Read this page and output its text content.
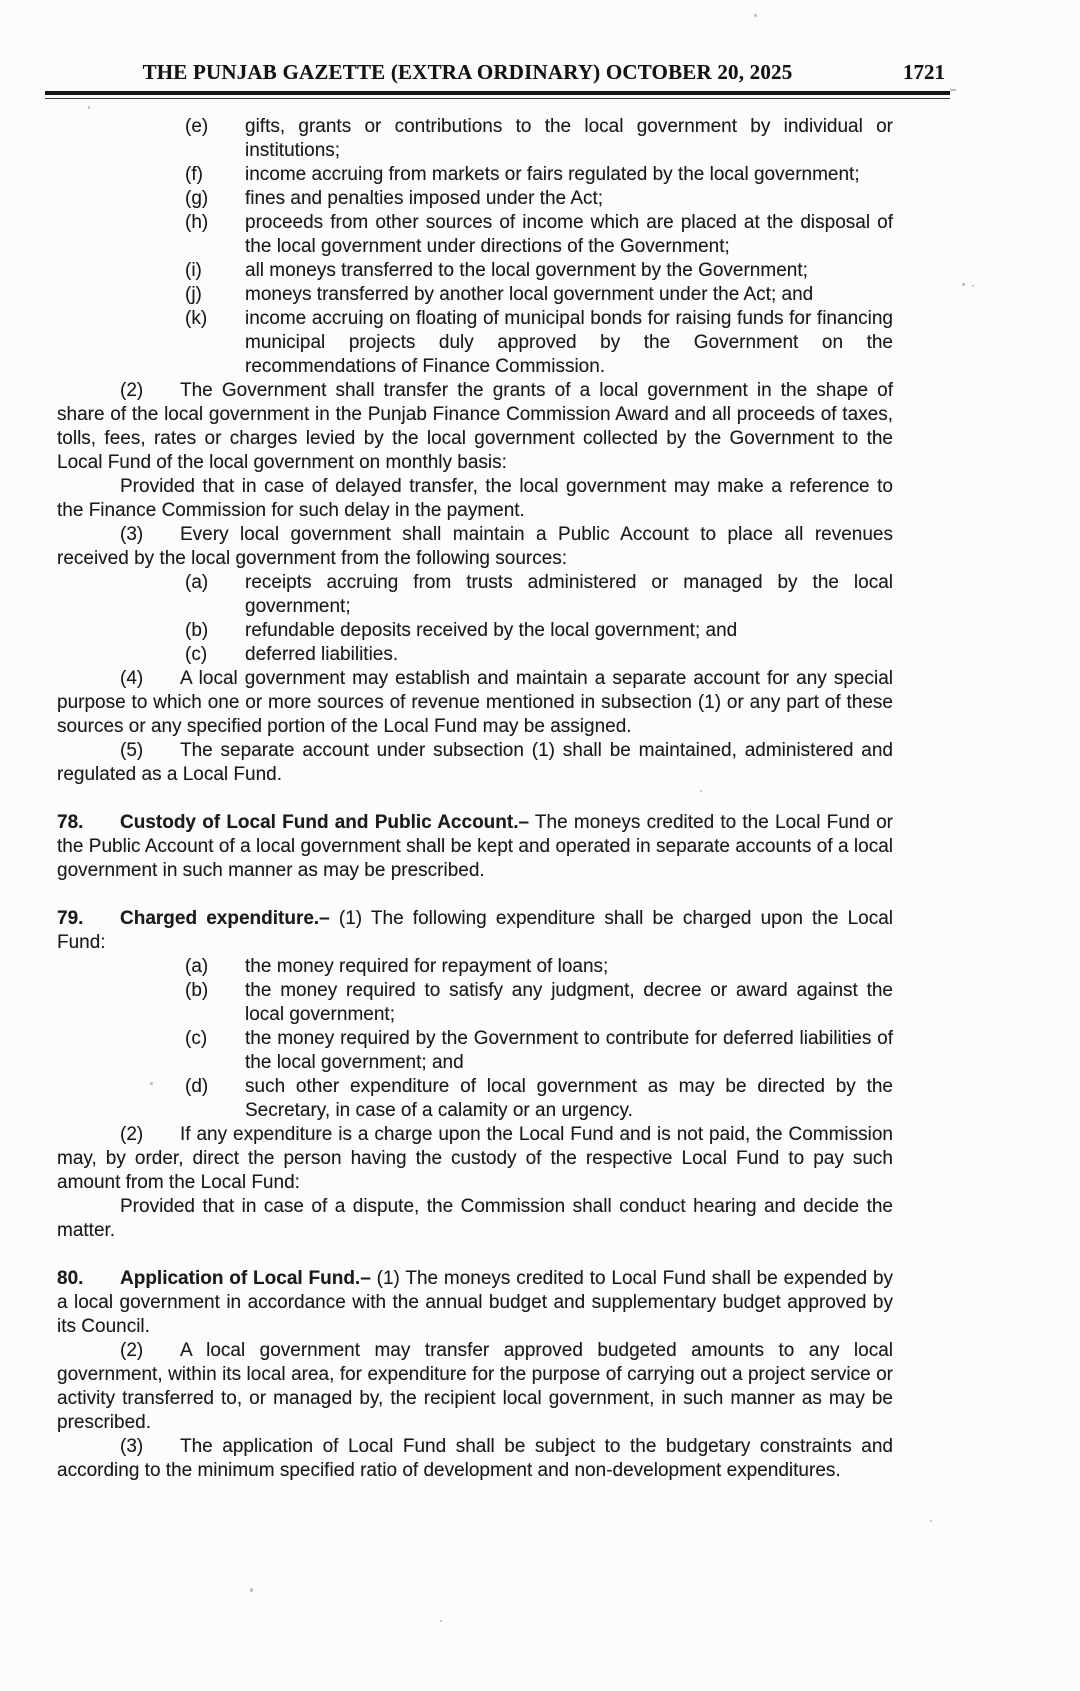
THE PUNJAB GAZETTE (EXTRA ORDINARY) OCTOBER 20, 2025	1721
(e) gifts, grants or contributions to the local government by individual or institutions;
(f) income accruing from markets or fairs regulated by the local government;
(g) fines and penalties imposed under the Act;
(h) proceeds from other sources of income which are placed at the disposal of the local government under directions of the Government;
(i) all moneys transferred to the local government by the Government;
(j) moneys transferred by another local government under the Act; and
(k) income accruing on floating of municipal bonds for raising funds for financing municipal projects duly approved by the Government on the recommendations of Finance Commission.

(2) The Government shall transfer the grants of a local government in the shape of share of the local government in the Punjab Finance Commission Award and all proceeds of taxes, tolls, fees, rates or charges levied by the local government collected by the Government to the Local Fund of the local government on monthly basis:

Provided that in case of delayed transfer, the local government may make a reference to the Finance Commission for such delay in the payment.

(3) Every local government shall maintain a Public Account to place all revenues received by the local government from the following sources:

(a) receipts accruing from trusts administered or managed by the local government;
(b) refundable deposits received by the local government; and
(c) deferred liabilities.

(4) A local government may establish and maintain a separate account for any special purpose to which one or more sources of revenue mentioned in subsection (1) or any part of these sources or any specified portion of the Local Fund may be assigned.

(5) The separate account under subsection (1) shall be maintained, administered and regulated as a Local Fund.

78. Custody of Local Fund and Public Account.– The moneys credited to the Local Fund or the Public Account of a local government shall be kept and operated in separate accounts of a local government in such manner as may be prescribed.

79. Charged expenditure.– (1) The following expenditure shall be charged upon the Local Fund:

(a) the money required for repayment of loans;
(b) the money required to satisfy any judgment, decree or award against the local government;
(c) the money required by the Government to contribute for deferred liabilities of the local government; and
(d) such other expenditure of local government as may be directed by the Secretary, in case of a calamity or an urgency.

(2) If any expenditure is a charge upon the Local Fund and is not paid, the Commission may, by order, direct the person having the custody of the respective Local Fund to pay such amount from the Local Fund:

Provided that in case of a dispute, the Commission shall conduct hearing and decide the matter.

80. Application of Local Fund.– (1) The moneys credited to Local Fund shall be expended by a local government in accordance with the annual budget and supplementary budget approved by its Council.

(2) A local government may transfer approved budgeted amounts to any local government, within its local area, for expenditure for the purpose of carrying out a project service or activity transferred to, or managed by, the recipient local government, in such manner as may be prescribed.

(3) The application of Local Fund shall be subject to the budgetary constraints and according to the minimum specified ratio of development and non-development expenditures.
